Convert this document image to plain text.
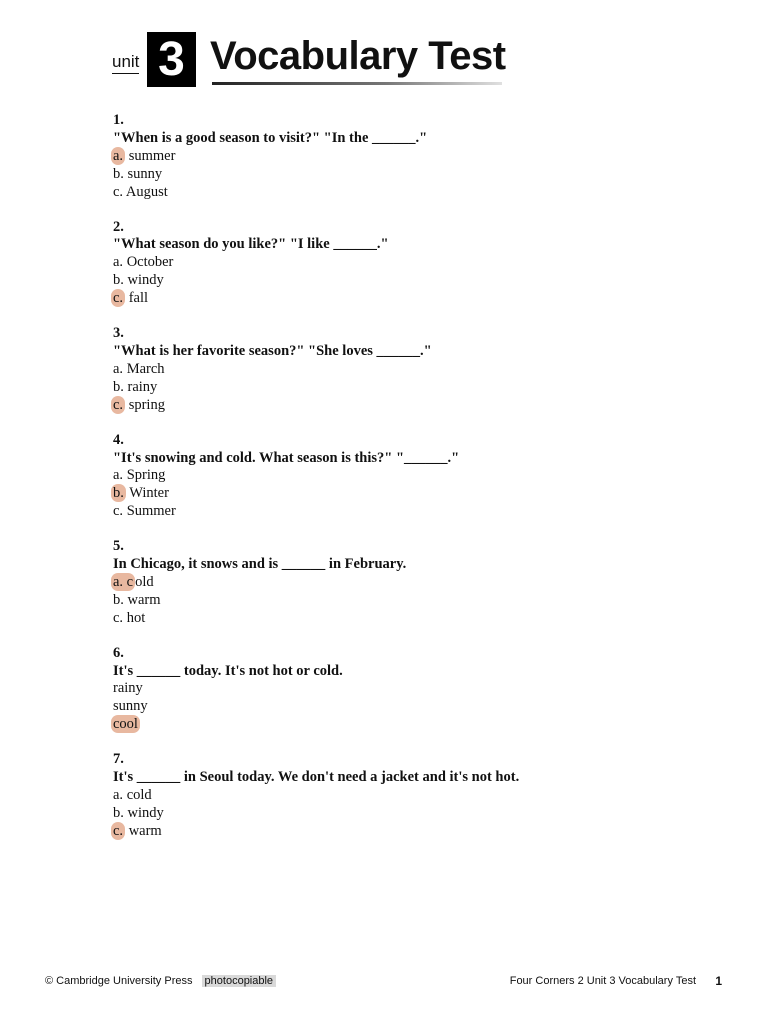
unit 3 Vocabulary Test
1.
"When is a good season to visit?" "In the ______."
a. summer
b. sunny
c. August
2.
"What season do you like?" "I like ______."
a. October
b. windy
c. fall
3.
"What is her favorite season?" "She loves ______."
a. March
b. rainy
c. spring
4.
"It's snowing and cold. What season is this?" "______."
a. Spring
b. Winter
c. Summer
5.
In Chicago, it snows and is ______ in February.
a. c old
b. warm
c. hot
6.
It's ______ today. It's not hot or cold.
rainy
sunny
cool
7.
It's ______ in Seoul today. We don't need a jacket and it's not hot.
a. cold
b. windy
c. warm
© Cambridge University Press photocopiable	Four Corners 2 Unit 3 Vocabulary Test 1
